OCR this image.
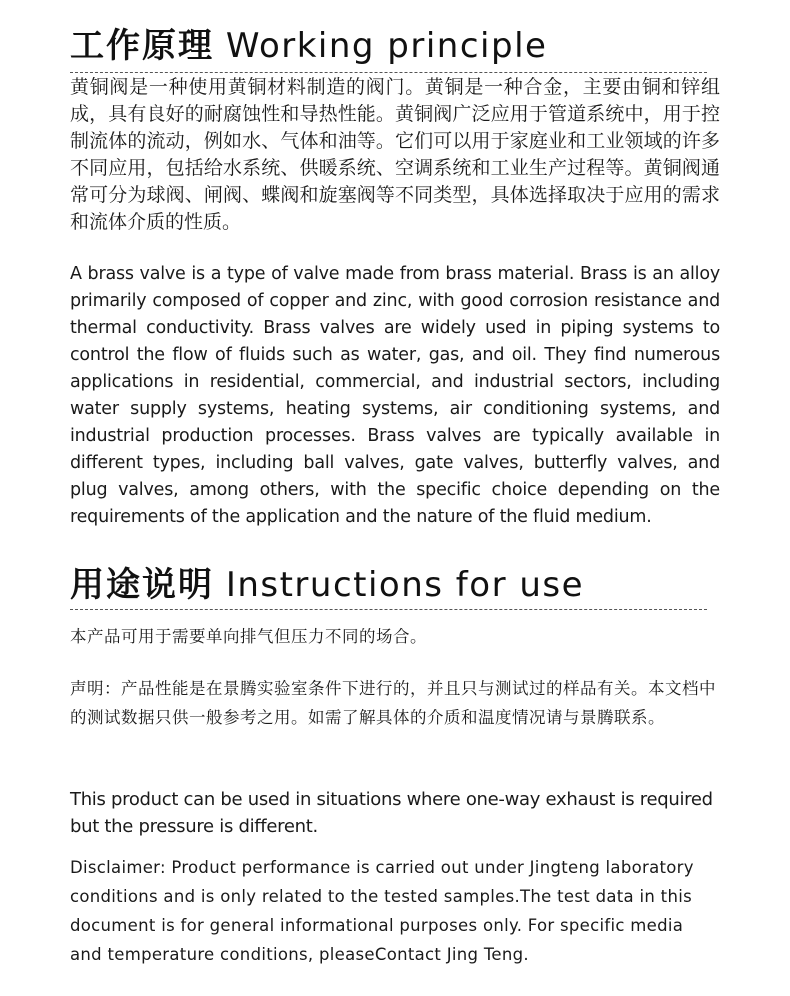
工作原理 Working principle
黄铜阀是一种使用黄铜材料制造的阀门。黄铜是一种合金，主要由铜和锌组成，具有良好的耐腐蚀性和导热性能。黄铜阀广泛应用于管道系统中，用于控制流体的流动，例如水、气体和油等。它们可以用于家庭业和工业领域的许多不同应用，包括给水系统、供暖系统、空调系统和工业生产过程等。黄铜阀通常可分为球阀、闸阀、蝶阀和旋塞阀等不同类型，具体选择取决于应用的需求和流体介质的性质。
A brass valve is a type of valve made from brass material. Brass is an alloy primarily composed of copper and zinc, with good corrosion resistance and thermal conductivity. Brass valves are widely used in piping systems to control the flow of fluids such as water, gas, and oil. They find numerous applications in residential, commercial, and industrial sectors, including water supply systems, heating systems, air conditioning systems, and industrial production processes. Brass valves are typically available in different types, including ball valves, gate valves, butterfly valves, and plug valves, among others, with the specific choice depending on the requirements of the application and the nature of the fluid medium.
用途说明 Instructions for use
本产品可用于需要单向排气但压力不同的场合。
声明：产品性能是在景腾实验室条件下进行的，并且只与测试过的样品有关。本文档中的测试数据只供一般参考之用。如需了解具体的介质和温度情况请与景腾联系。
This product can be used in situations where one-way exhaust is required but the pressure is different.
Disclaimer: Product performance is carried out under Jingteng laboratory conditions and is only related to the tested samples.The test data in this document is for general informational purposes only. For specific media and temperature conditions, pleaseContact Jing Teng.
